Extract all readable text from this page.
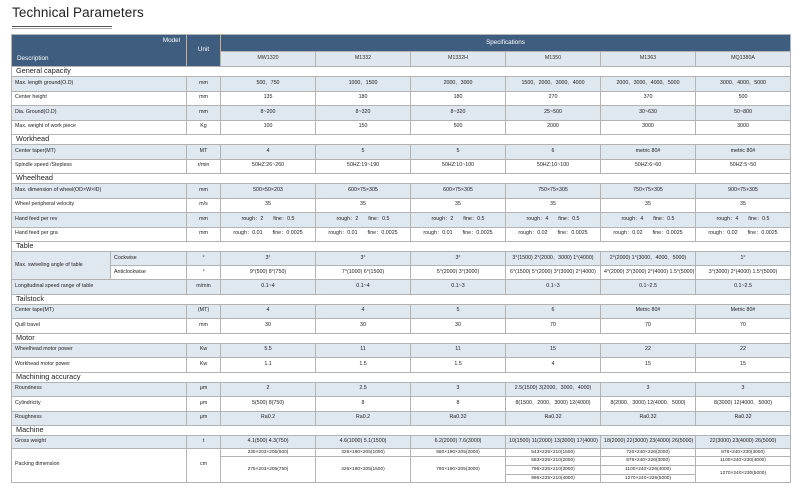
Technical Parameters
Model
Description		Unit	Specifications					
			MW1320	M1332	M1332H	M1350	M1363	MQ1380A
General capacity								
Max. length ground(O.D)		mm	500、750	1000、1500	2000、3000	1500、2000、3000、4000	2000、3000、4000、5000	3000、4000、5000
Center height		mm	135	180	180	270	370	500
Dia. Ground(O.D)		mm	8~200	8~320	8~320	25~500	30~630	50~800
Max. weight of work piece		Kg	100	150	500	2000	3000	3000
Workhead								
Center taper(MT)		MT	4	5	5	6	metric 80#	metric 80#
Spindle speed /Stepless		r/min	50HZ:26~260	50HZ:19~190	50HZ:10~100	50HZ:10~100	50HZ:6~60	50HZ:5~50
Wheelhead								
Max. dimension of wheel(OD×W×ID)		mm	500×50×203	600×75×305	600×75×305	750×75×305	750×75×305	900×75×305
Wheel peripheral velocity		m/s	35	35	35	35	35	35
Hand feed per rev		mm	rough：2 fine：0.5	rough：2 fine：0.5	rough：2 fine：0.5	rough：4 fine：0.5	rough：4 fine：0.5	rough：4 fine：0.5
Hand feed per gra		mm	rough：0.01 fine：0.0025	rough：0.01 fine：0.0025	rough：0.01 fine：0.0025	rough：0.02 fine：0.0025	rough：0.02 fine：0.0025	rough：0.02 fine：0.0025
Table								
Max. swiveling angle of table	Cockwise	°	3°	3°	3°	3°(1500) 2°(2000、3000) 1°(4000)	2°(2000) 1°(3000、4000、5000)	1°
	Anticlockwise	°	9°(500) 8°(750)	7°(1000) 6°(1500)	5°(2000) 3°(3000)	6°(1500) 5°(2000) 3°(3000) 2°(4000)	4°(2000) 3°(3000) 2°(4000) 1.5°(5000)	3°(3000) 2°(4000) 1.5°(5000)
Longitudinal speed range of table		m/min	0.1~4	0.1~4	0.1~3	0.1~3	0.1~2.5	0.1~2.5
Tailstock								
Center tape(MT)		(MT)	4	4	5	6	Metric 80#	Metric 80#
Quill travel		mm	30	30	30	70	70	70
Motor								
Wheelhead motor power		Kw	5.5	11	11	15	22	22
Workhead motor power		Kw	1.1	1.5	1.5	4	15	15
Machining accuracy								
Roundness		μm	2	2.5	3	2.5(1500) 3(2000、3000、4000)	3	3
Cylindricity		μm	5(500) 8(750)	8	8	8(1500、2000、3000) 12(4000)	8(2000、3000) 12(4000、5000)	8(3000) 12(4000、5000)
Roughness		μm	Ra0.2	Ra0.2	Ra0.32	Ra0.32	Ra0.32	Ra0.32
Machine								
Gross weight		t	4.1(500) 4.3(750)	4.6(1000) 5.1(1500)	6.2(2000) 7.6(3000)	10(1500) 11(2000) 13(3000) 17(4000)	18(2000) 22(3000) 23(4000) 26(5000)	22(3000) 23(4000) 26(5000)
Packing dimension		cm	235×203×205(500)	326×190×205(1000)	580×190×205(2000)	543×225×210(1500)	720×240×226(2000)	876×240×230(3000)

						583×225×210(2000)	876×240×226(3000)	1100×240×230(4000)
			275×203×205(750)	426×190×205(1500)	780×190×205(3000)			
						796×225×210(3000)	1100×240×226(4000)	1270×240×230(5000)
						996×225×210(4000)	1270×240×226(5000)	
